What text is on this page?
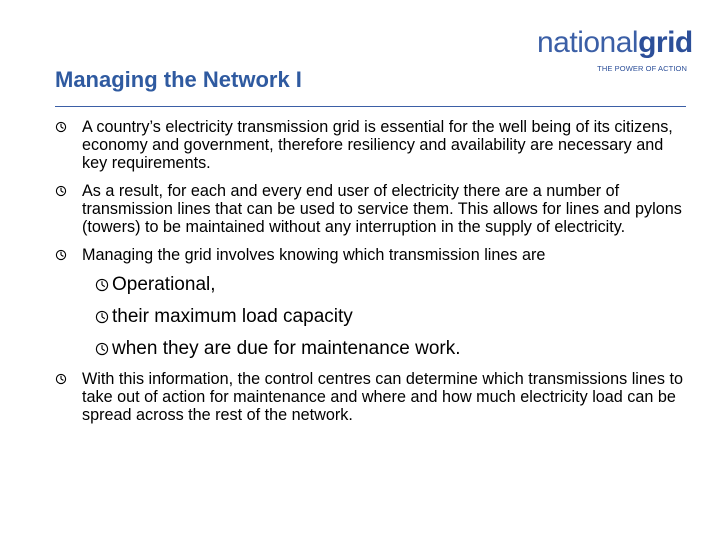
nationalgrid
THE POWER OF ACTION
Managing the Network I
A country’s electricity transmission grid is essential for the well being of its citizens, economy and government, therefore resiliency and availability are necessary and key requirements.
As a result, for each and every end user of electricity there are a number of transmission lines that can be used to service them. This allows for lines and pylons (towers) to be maintained without any interruption in the supply of electricity.
Managing the grid involves knowing which transmission lines are
Operational,
their maximum load capacity
when they are due for maintenance work.
With this information, the control centres can determine which transmissions lines to take out of action for maintenance and where and how much electricity load can be spread across the rest of the network.
